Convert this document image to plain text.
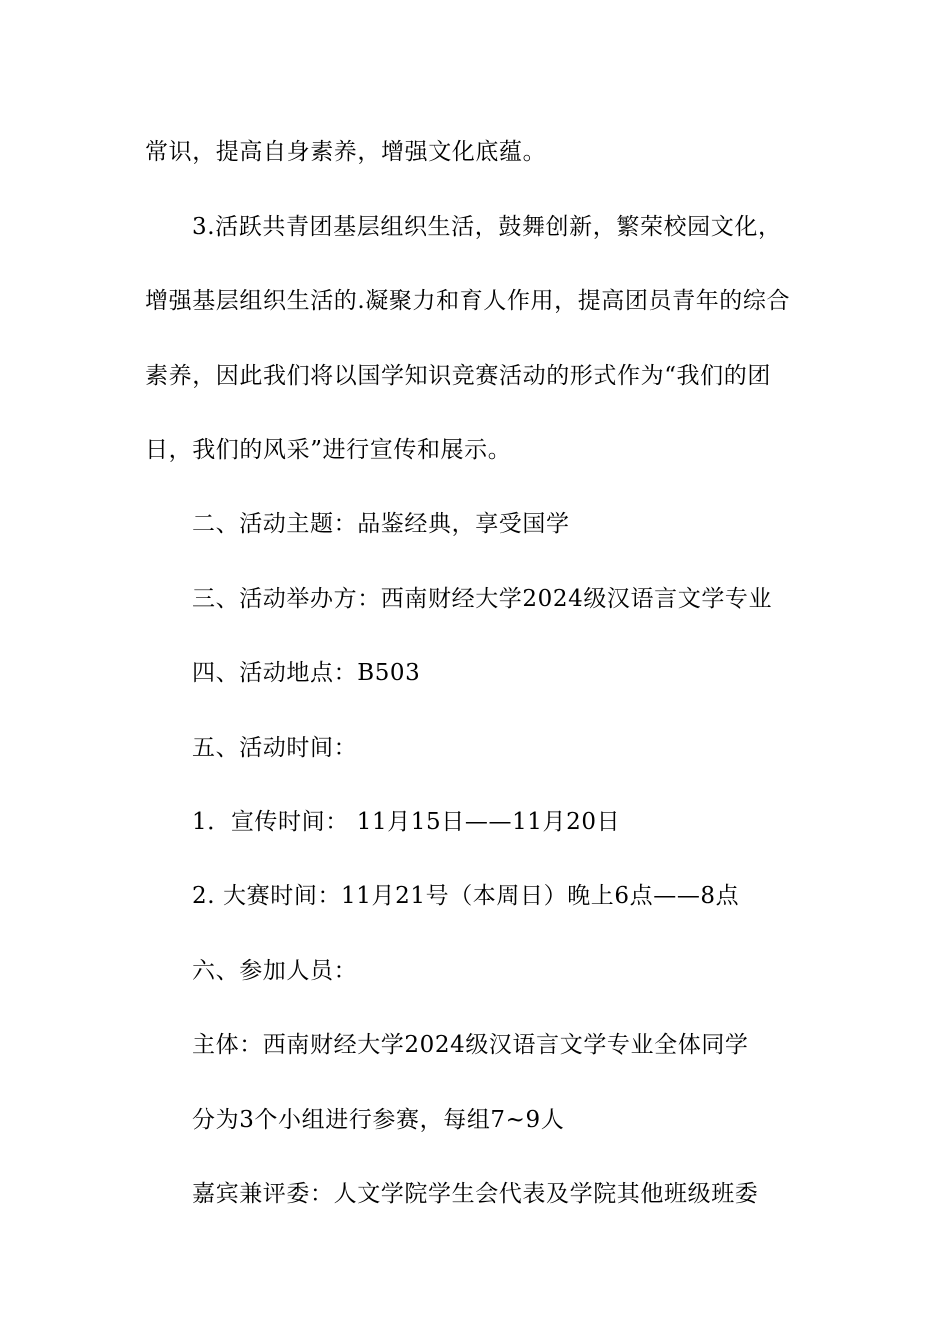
常识，提高自身素养，增强文化底蕴。
3.活跃共青团基层组织生活，鼓舞创新，繁荣校园文化，
增强基层组织生活的.凝聚力和育人作用，提高团员青年的综合
素养，因此我们将以国学知识竞赛活动的形式作为“我们的团
日，我们的风采”进行宣传和展示。
二、活动主题：品鉴经典，享受国学
三、活动举办方：西南财经大学2024级汉语言文学专业
四、活动地点：B503
五、活动时间：
1．宣传时间： 11月15日——11月20日
2. 大赛时间：11月21号（本周日）晚上6点——8点
六、参加人员：
主体：西南财经大学2024级汉语言文学专业全体同学
分为3个小组进行参赛，每组7~9人
嘉宾兼评委：人文学院学生会代表及学院其他班级班委
